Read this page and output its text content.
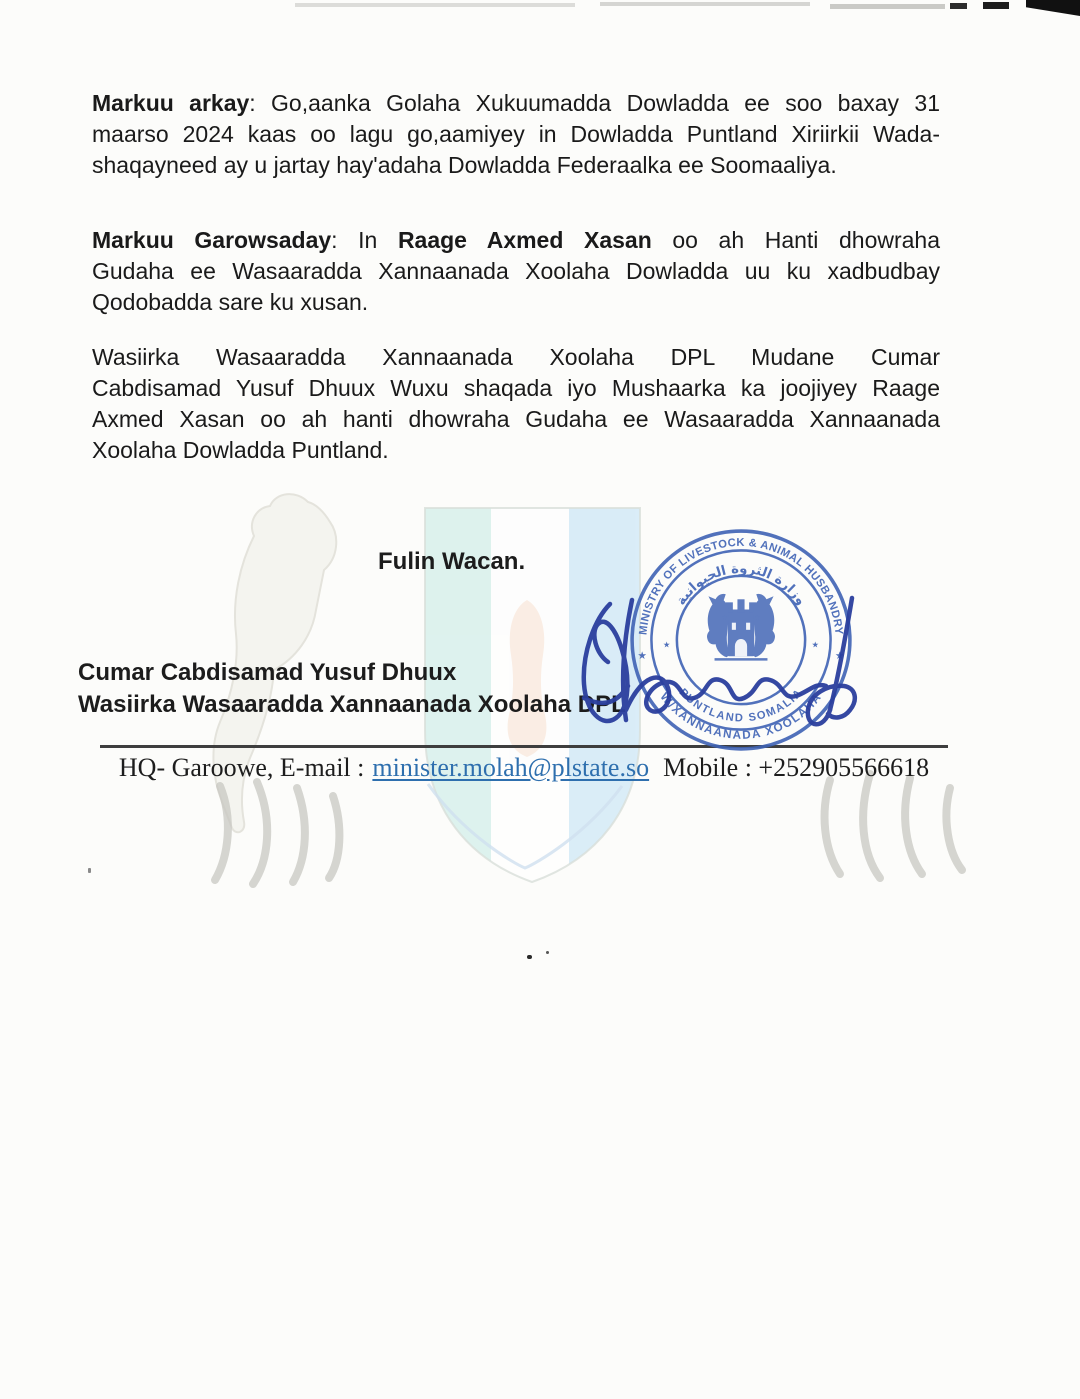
Markuu arkay: Go,aanka Golaha Xukuumadda Dowladda ee soo baxay 31
maarso 2024 kaas oo lagu go,aamiyey in Dowladda Puntland Xiriirkii Wada-
shaqayneed ay u jartay hay'adaha Dowladda Federaalka ee Soomaaliya.

Markuu Garowsaday: In Raage Axmed Xasan oo ah Hanti dhowraha
Gudaha ee Wasaaradda Xannaanada Xoolaha Dowladda uu ku xadbudbay
Qodobadda sare ku xusan.

Wasiirka Wasaaradda Xannaanada Xoolaha DPL Mudane Cumar
Cabdisamad Yusuf Dhuux Wuxu shaqada iyo Mushaarka ka joojiyey Raage
Axmed Xasan oo ah hanti dhowraha Gudaha ee Wasaaradda Xannaanada
Xoolaha Dowladda Puntland.

Fulin Wacan.
Cumar Cabdisamad Yusuf Dhuux
Wasiirka Wasaaradda Xannaanada Xoolaha DPL
MINISTRY OF LIVESTOCK & ANIMAL HUSBANDRY
W/XANNAANADA XOOLAHA
وزارة الثروة الحيوانية
PUNTLAND SOMALIA
★	★
★	★
★	★
HQ- Garoowe, E-mail : minister.molah@plstate.so Mobile : +252905566618
